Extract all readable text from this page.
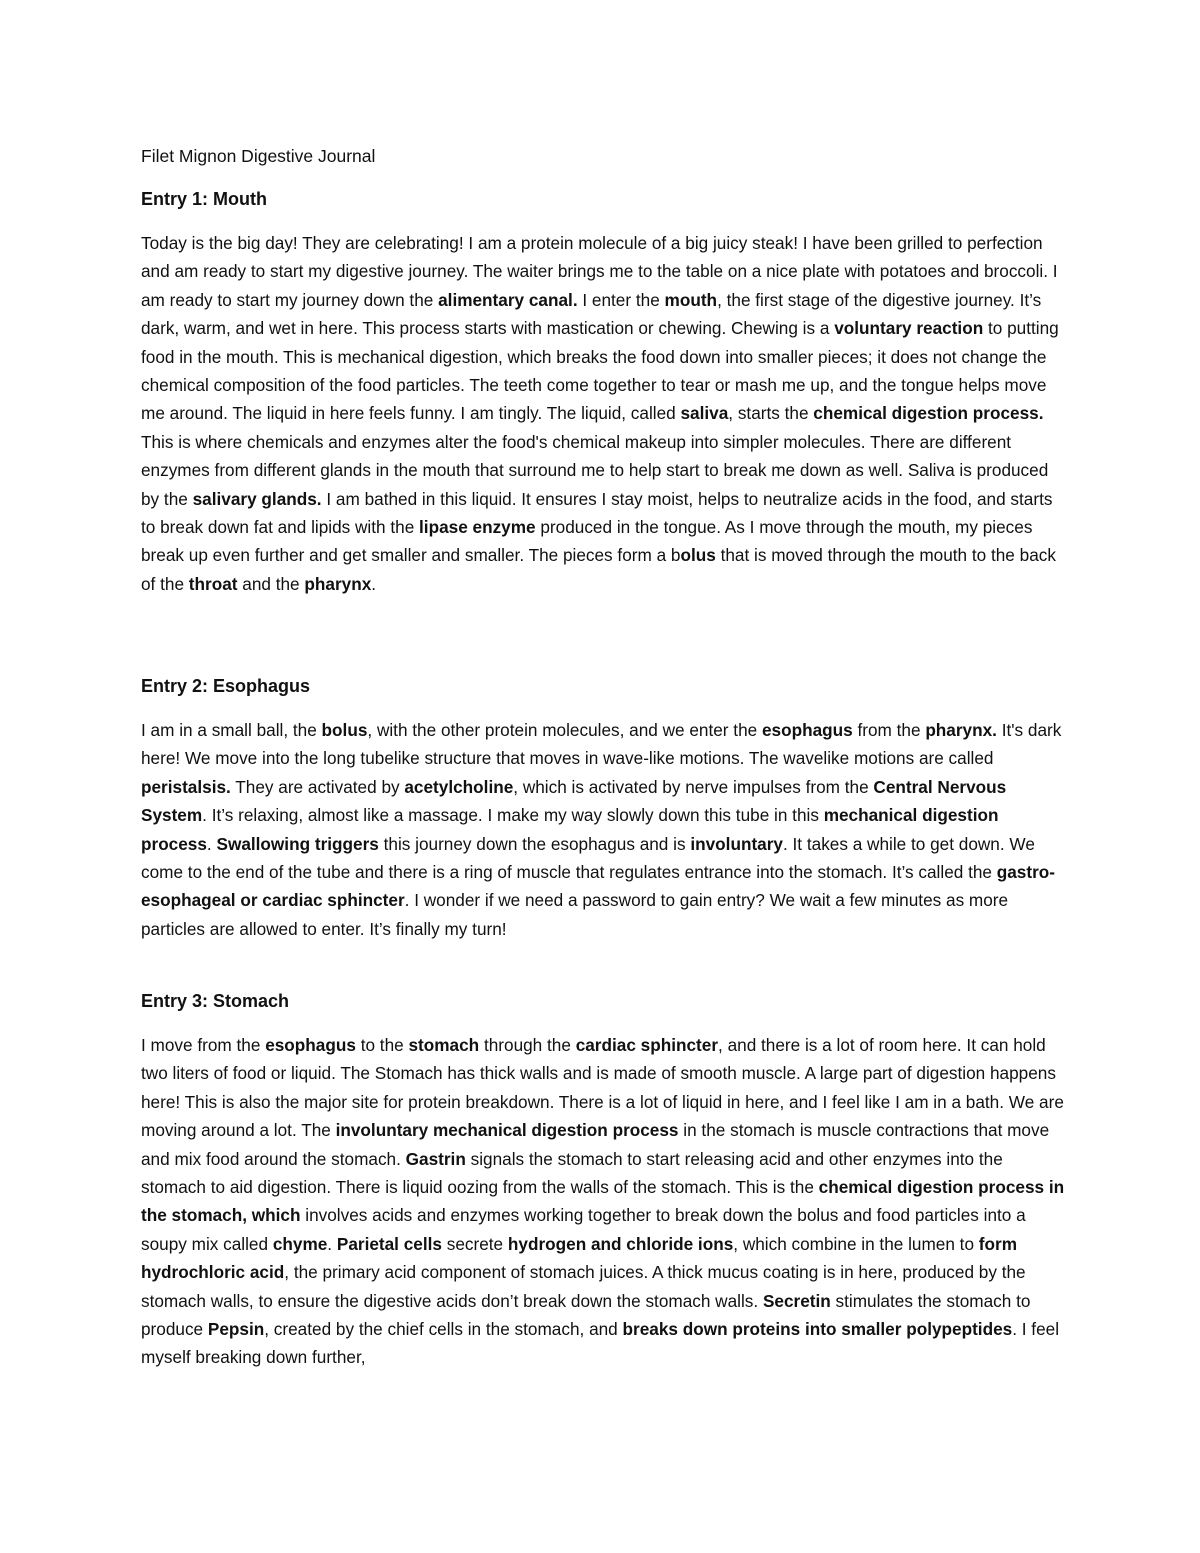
Filet Mignon Digestive Journal

Entry 1: Mouth

Today is the big day! They are celebrating! I am a protein molecule of a big juicy steak! I have been grilled to perfection and am ready to start my digestive journey. The waiter brings me to the table on a nice plate with potatoes and broccoli. I am ready to start my journey down the alimentary canal. I enter the mouth, the first stage of the digestive journey. It’s dark, warm, and wet in here. This process starts with mastication or chewing. Chewing is a voluntary reaction to putting food in the mouth. This is mechanical digestion, which breaks the food down into smaller pieces; it does not change the chemical composition of the food particles. The teeth come together to tear or mash me up, and the tongue helps move me around. The liquid in here feels funny. I am tingly. The liquid, called saliva, starts the chemical digestion process. This is where chemicals and enzymes alter the food's chemical makeup into simpler molecules. There are different enzymes from different glands in the mouth that surround me to help start to break me down as well. Saliva is produced by the salivary glands. I am bathed in this liquid. It ensures I stay moist, helps to neutralize acids in the food, and starts to break down fat and lipids with the lipase enzyme produced in the tongue. As I move through the mouth, my pieces break up even further and get smaller and smaller. The pieces form a bolus that is moved through the mouth to the back of the throat and the pharynx.

Entry 2: Esophagus

I am in a small ball, the bolus, with the other protein molecules, and we enter the esophagus from the pharynx. It's dark here! We move into the long tubelike structure that moves in wave-like motions. The wavelike motions are called peristalsis. They are activated by acetylcholine, which is activated by nerve impulses from the Central Nervous System. It’s relaxing, almost like a massage. I make my way slowly down this tube in this mechanical digestion process. Swallowing triggers this journey down the esophagus and is involuntary. It takes a while to get down. We come to the end of the tube and there is a ring of muscle that regulates entrance into the stomach. It’s called the gastro-esophageal or cardiac sphincter. I wonder if we need a password to gain entry? We wait a few minutes as more particles are allowed to enter. It’s finally my turn!

Entry 3: Stomach

I move from the esophagus to the stomach through the cardiac sphincter, and there is a lot of room here. It can hold two liters of food or liquid. The Stomach has thick walls and is made of smooth muscle. A large part of digestion happens here! This is also the major site for protein breakdown. There is a lot of liquid in here, and I feel like I am in a bath. We are moving around a lot. The involuntary mechanical digestion process in the stomach is muscle contractions that move and mix food around the stomach. Gastrin signals the stomach to start releasing acid and other enzymes into the stomach to aid digestion. There is liquid oozing from the walls of the stomach. This is the chemical digestion process in the stomach, which involves acids and enzymes working together to break down the bolus and food particles into a soupy mix called chyme. Parietal cells secrete hydrogen and chloride ions, which combine in the lumen to form hydrochloric acid, the primary acid component of stomach juices. A thick mucus coating is in here, produced by the stomach walls, to ensure the digestive acids don’t break down the stomach walls. Secretin stimulates the stomach to produce Pepsin, created by the chief cells in the stomach, and breaks down proteins into smaller polypeptides. I feel myself breaking down further,
